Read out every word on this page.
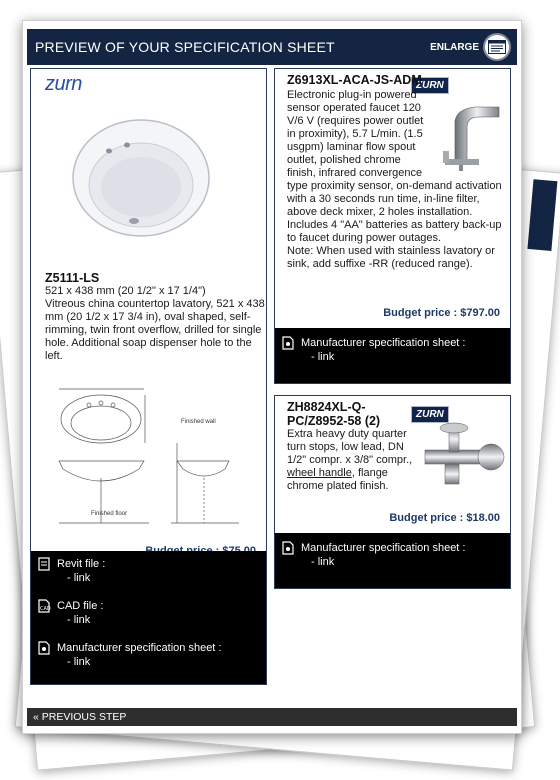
PREVIEW OF YOUR SPECIFICATION SHEET	ENLARGE
zurn
Z5111-LS
521 x 438 mm (20 1/2" x 17 1/4")
Vitreous china countertop lavatory, 521 x 438 mm (20 1/2 x 17 3/4 in), oval shaped, self-rimming, twin front overflow, drilled for single hole. Additional soap dispenser hole to the left.
Finished wall
Finished floor
Revit file :
- link
CAD CAD file :
- link
Manufacturer specification sheet :
- link
ZURN
Z6913XL-ACA-JS-ADM
Electronic plug-in powered sensor operated faucet 120 V/6 V (requires power outlet in proximity), 5.7 L/min. (1.5 usgpm) laminar flow spout outlet, polished chrome finish, infrared convergence type proximity sensor, on-demand activation with a 30 seconds run time, in-line filter, above deck mixer, 2 holes installation. Includes 4 "AA" batteries as battery back-up to faucet during power outages.
Note: When used with stainless lavatory or sink, add suffixe -RR (reduced range).
Budget price : $797.00
Manufacturer specification sheet :
- link
ZURN
ZH8824XL-Q-PC/Z8952-58 (2)
Extra heavy duty quarter turn stops, low lead, DN 1/2" compr. x 3/8" compr., wheel handle, flange chrome plated finish.
Budget price : $18.00
Manufacturer specification sheet :
- link
« PREVIOUS STEP
